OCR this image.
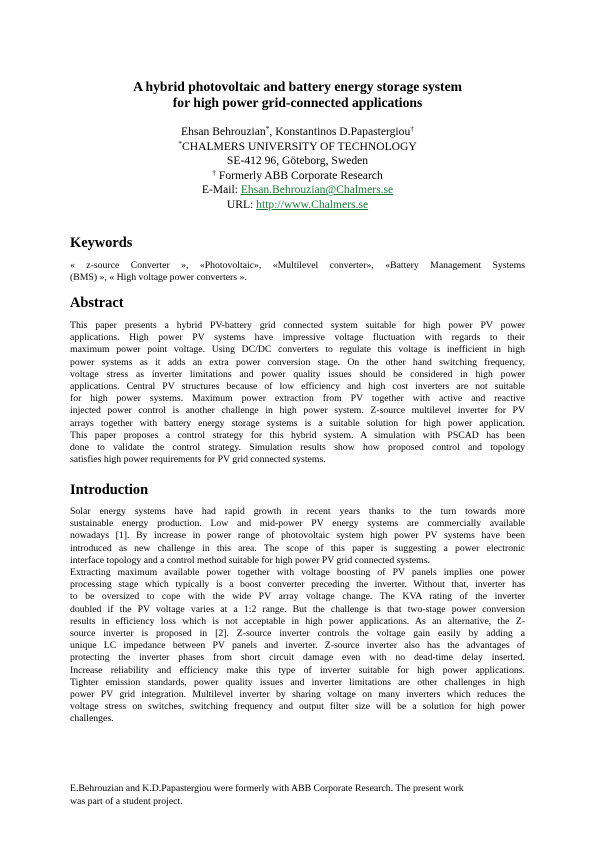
A hybrid photovoltaic and battery energy storage system
for high power grid-connected applications
Ehsan Behrouzian*, Konstantinos D.Papastergiou†
*CHALMERS UNIVERSITY OF TECHNOLOGY
SE-412 96, Göteborg, Sweden
† Formerly ABB Corporate Research
E-Mail: Ehsan.Behrouzian@Chalmers.se
URL: http://www.Chalmers.se
Keywords
« z-source Converter », «Photovoltaic», «Multilevel converter», «Battery Management Systems
(BMS) », « High voltage power converters ».
Abstract
This paper presents a hybrid PV-battery grid connected system suitable for high power PV power
applications. High power PV systems have impressive voltage fluctuation with regards to their
maximum power point voltage. Using DC/DC converters to regulate this voltage is inefficient in high
power systems as it adds an extra power conversion stage. On the other hand switching frequency,
voltage stress as inverter limitations and power quality issues should be considered in high power
applications. Central PV structures because of low efficiency and high cost inverters are not suitable
for high power systems. Maximum power extraction from PV together with active and reactive
injected power control is another challenge in high power system. Z-source multilevel inverter for PV
arrays together with battery energy storage systems is a suitable solution for high power application.
This paper proposes a control strategy for this hybrid system. A simulation with PSCAD has been
done to validate the control strategy. Simulation results show how proposed control and topology
satisfies high power requirements for PV grid connected systems.
Introduction
Solar energy systems have had rapid growth in recent years thanks to the turn towards more
sustainable energy production. Low and mid-power PV energy systems are commercially available
nowadays [1]. By increase in power range of photovoltaic system high power PV systems have been
introduced as new challenge in this area. The scope of this paper is suggesting a power electronic
interface topology and a control method suitable for high power PV grid connected systems.
Extracting maximum available power together with voltage boosting of PV panels implies one power
processing stage which typically is a boost converter preceding the inverter. Without that, inverter has
to be oversized to cope with the wide PV array voltage change. The KVA rating of the inverter
doubled if the PV voltage varies at a 1:2 range. But the challenge is that two-stage power conversion
results in efficiency loss which is not acceptable in high power applications. As an alternative, the Z-
source inverter is proposed in [2]. Z-source inverter controls the voltage gain easily by adding a
unique LC impedance between PV panels and inverter. Z-source inverter also has the advantages of
protecting the inverter phases from short circuit damage even with no dead-time delay inserted.
Increase reliability and efficiency make this type of inverter suitable for high power applications.
Tighter emission standards, power quality issues and inverter limitations are other challenges in high
power PV grid integration. Multilevel inverter by sharing voltage on many inverters which reduces the
voltage stress on switches, switching frequency and output filter size will be a solution for high power
challenges.
E.Behrouzian and K.D.Papastergiou were formerly with ABB Corporate Research. The present work
was part of a student project.
